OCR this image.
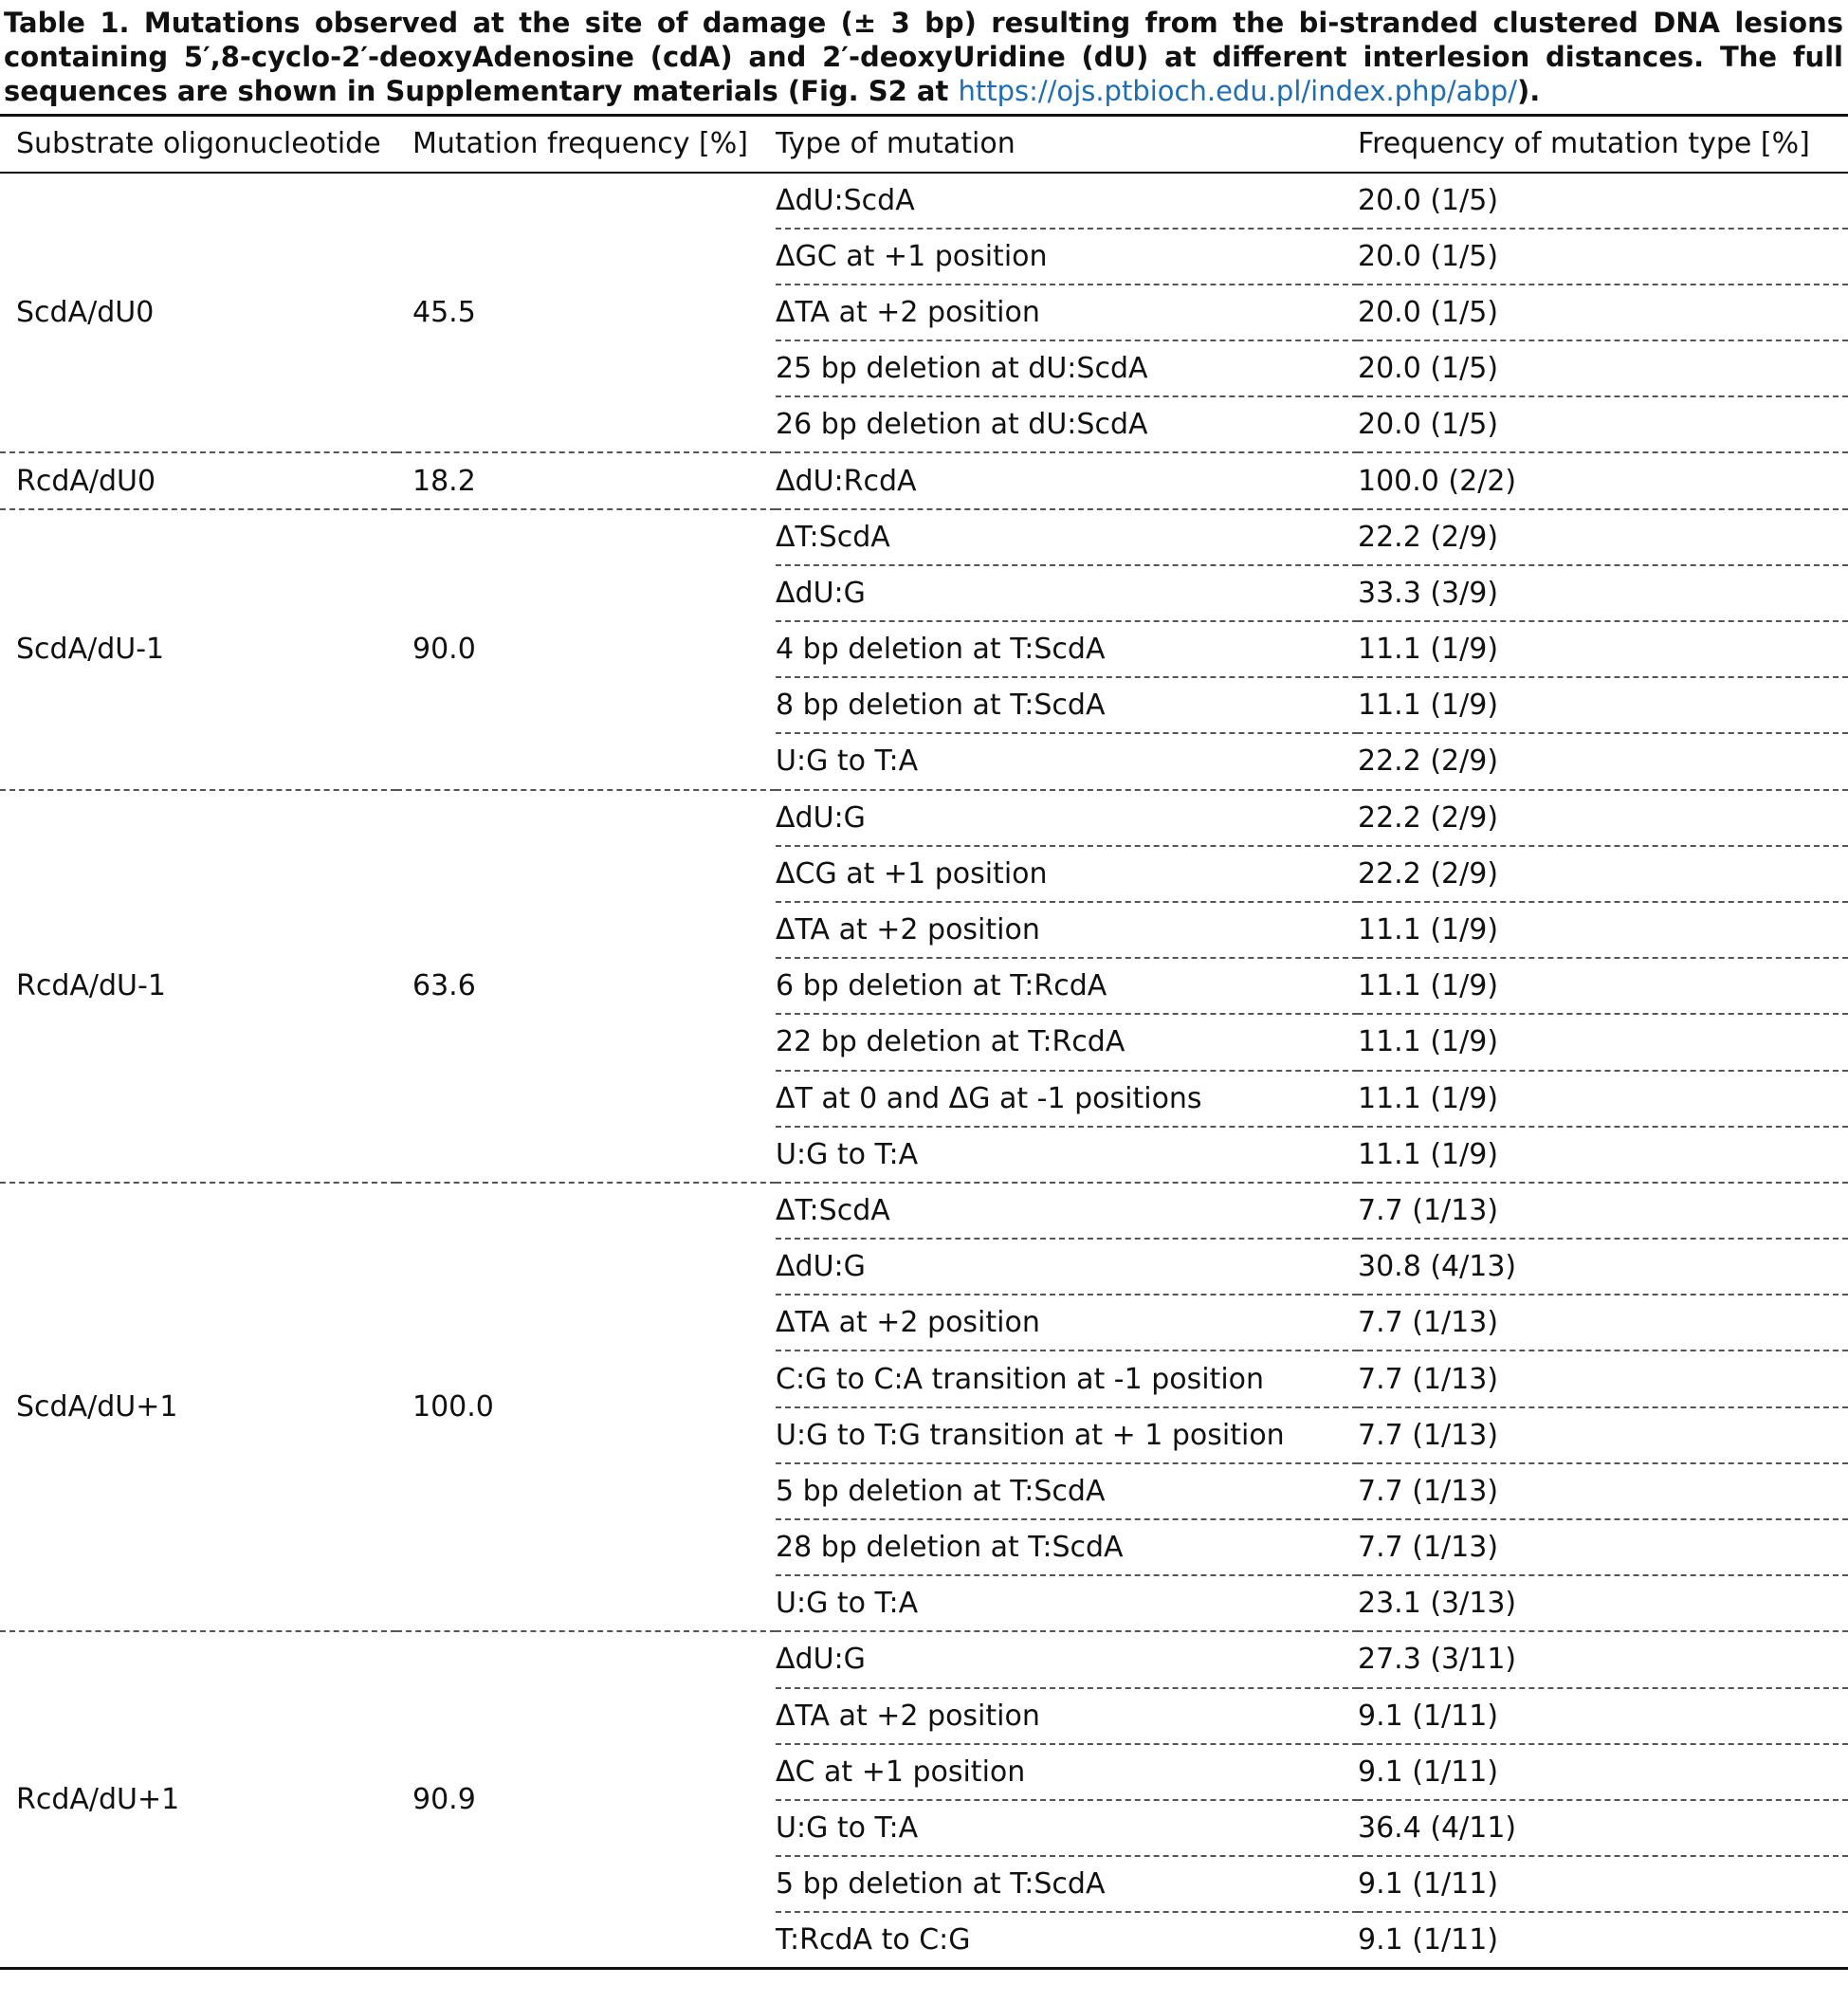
Table 1. Mutations observed at the site of damage (± 3 bp) resulting from the bi-stranded clustered DNA lesions containing 5′,8-cyclo-2′-deoxyAdenosine (cdA) and 2′-deoxyUridine (dU) at different interlesion distances. The full sequences are shown in Supplementary materials (Fig. S2 at https://ojs.ptbioch.edu.pl/index.php/abp/).
Substrate oligonucleotide	Mutation frequency [%]	Type of mutation	Frequency of mutation type [%]
ScdA/dU0	45.5	ΔdU:ScdA	20.0 (1/5)
		ΔGC at +1 position	20.0 (1/5)
		ΔTA at +2 position	20.0 (1/5)
		25 bp deletion at dU:ScdA	20.0 (1/5)
		26 bp deletion at dU:ScdA	20.0 (1/5)
RcdA/dU0	18.2	ΔdU:RcdA	100.0 (2/2)
ScdA/dU-1	90.0	ΔT:ScdA	22.2 (2/9)
		ΔdU:G	33.3 (3/9)
		4 bp deletion at T:ScdA	11.1 (1/9)
		8 bp deletion at T:ScdA	11.1 (1/9)
		U:G to T:A	22.2 (2/9)
RcdA/dU-1	63.6	ΔdU:G	22.2 (2/9)
		ΔCG at +1 position	22.2 (2/9)
		ΔTA at +2 position	11.1 (1/9)
		6 bp deletion at T:RcdA	11.1 (1/9)
		22 bp deletion at T:RcdA	11.1 (1/9)
		ΔT at 0 and ΔG at -1 positions	11.1 (1/9)
		U:G to T:A	11.1 (1/9)
ScdA/dU+1	100.0	ΔT:ScdA	7.7 (1/13)
		ΔdU:G	30.8 (4/13)
		ΔTA at +2 position	7.7 (1/13)
		C:G to C:A transition at -1 position	7.7 (1/13)
		U:G to T:G transition at + 1 position	7.7 (1/13)
		5 bp deletion at T:ScdA	7.7 (1/13)
		28 bp deletion at T:ScdA	7.7 (1/13)
		U:G to T:A	23.1 (3/13)
RcdA/dU+1	90.9	ΔdU:G	27.3 (3/11)
		ΔTA at +2 position	9.1 (1/11)
		ΔC at +1 position	9.1 (1/11)
		U:G to T:A	36.4 (4/11)
		5 bp deletion at T:ScdA	9.1 (1/11)
		T:RcdA to C:G	9.1 (1/11)
